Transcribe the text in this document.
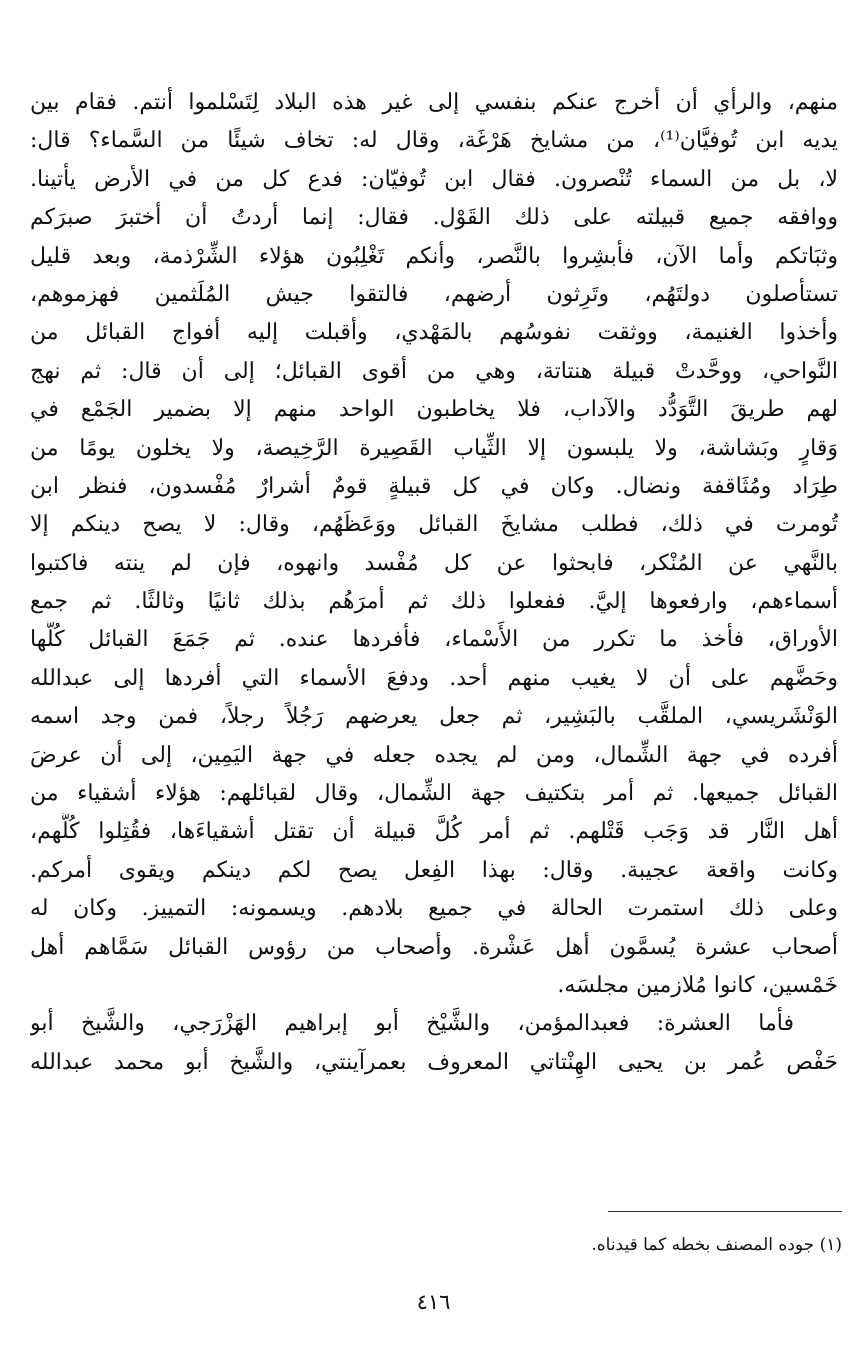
منهم، والرأي أن أخرج عنكم بنفسي إلى غير هذه البلاد لِتَسْلموا أنتم. فقام بين
يديه ابن تُوفيَّان⁽¹⁾، من مشايخ هَرْغَة، وقال له: تخاف شيئًا من السَّماء؟ قال:
لا، بل من السماء تُنْصرون. فقال ابن تُوفيّان: فدع كل من في الأرض يأتينا.
ووافقه جميع قبيلته على ذلك القَوْل. فقال: إنما أردتُ أن أختبرَ صبرَكم
وثبَاتكم وأما الآن، فأبشِروا بالنَّصر، وأنكم تَغْلِبُون هؤلاء الشِّرْذمة، وبعد قليل
تستأصلون دولتَهُم، وتَرِثون أرضهم، فالتقوا جيش المُلَثمين فهزموهم،
وأخذوا الغنيمة، ووثقت نفوسُهم بالمَهْدي، وأقبلت إليه أفواج القبائل من
النَّواحي، ووحَّدتْ قبيلة هنتاتة، وهي من أقوى القبائل؛ إلى أن قال: ثم نهج
لهم طريقَ التَّوَدُّد والآداب، فلا يخاطبون الواحد منهم إلا بضمير الجَمْع في
وَقارٍ وبَشاشة، ولا يلبسون إلا الثِّياب القَصِيرة الرَّخِيصة، ولا يخلون يومًا من
طِرَاد ومُثَاقفة ونضال. وكان في كل قبيلةٍ قومٌ أشرارٌ مُفْسدون، فنظر ابن
تُومرت في ذلك، فطلب مشايخَ القبائل ووَعَظَهُم، وقال: لا يصح دينكم إلا
بالنَّهي عن المُنْكر، فابحثوا عن كل مُفْسد وانهوه، فإن لم ينته فاكتبوا
أسماءهم، وارفعوها إليَّ. ففعلوا ذلك ثم أمرَهُم بذلك ثانيًا وثالثًا. ثم جمع
الأوراق، فأخذ ما تكرر من الأَسْماء، فأفردها عنده. ثم جَمَعَ القبائل كُلَّها
وحَضَّهم على أن لا يغيب منهم أحد. ودفعَ الأسماء التي أفردها إلى عبدالله
الوَنْشَريسي، الملقَّب بالبَشِير، ثم جعل يعرضهم رَجُلاً رجلاً، فمن وجد اسمه
أفرده في جهة الشِّمال، ومن لم يجده جعله في جهة اليَمِين، إلى أن عرضَ
القبائل جميعها. ثم أمر بتكتيف جهة الشِّمال، وقال لقبائلهم: هؤلاء أشقياء من
أهل النَّار قد وَجَب قَتْلهم. ثم أمر كُلَّ قبيلة أن تقتل أشقياءَها، فقُتِلوا كُلُّهم،
وكانت واقعة عجيبة. وقال: بهذا الفِعل يصح لكم دينكم ويقوى أمركم.
وعلى ذلك استمرت الحالة في جميع بلادهم. ويسمونه: التمييز. وكان له
أصحاب عشرة يُسمَّون أهل عَشْرة. وأصحاب من رؤوس القبائل سَمَّاهم أهل
خَمْسين، كانوا مُلازمين مجلسَه.
فأما العشرة: فعبدالمؤمن، والشَّيْخ أبو إبراهيم الهَزْرَجي، والشَّيخ أبو
حَفْص عُمر بن يحيى الهِنْتاتي المعروف بعمرآينتي، والشَّيخ أبو محمد عبدالله
(١) جوده المصنف بخطه كما قيدناه.
٤١٦
